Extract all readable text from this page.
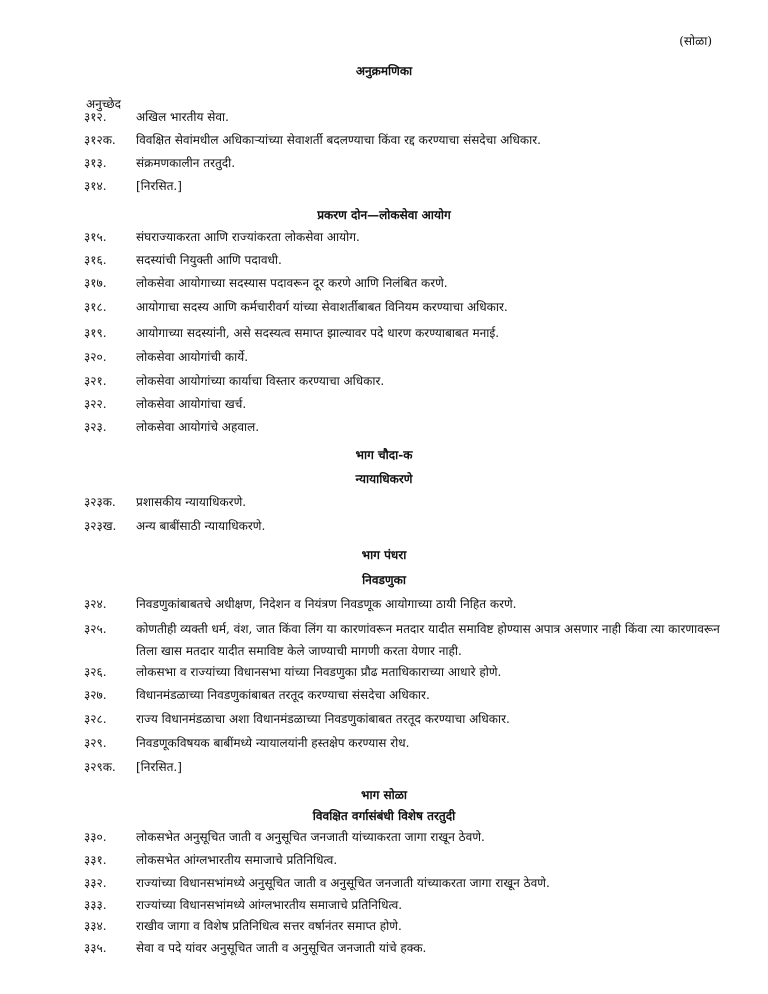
(सोळा)
अनुक्रमणिका
अनुच्छेद
३१२.	अखिल भारतीय सेवा.
३१२क.	विवक्षित सेवांमधील अधिकाऱ्यांच्या सेवाशर्ती बदलण्याचा किंवा रद्द करण्याचा संसदेचा अधिकार.
३१३.	संक्रमणकालीन तरतुदी.
३१४.	[निरसित.]
प्रकरण दोन—लोकसेवा आयोग
३१५.	संघराज्याकरता आणि राज्यांकरता लोकसेवा आयोग.
३१६.	सदस्यांची नियुक्ती आणि पदावधी.
३१७.	लोकसेवा आयोगाच्या सदस्यास पदावरून दूर करणे आणि निलंबित करणे.
३१८.	आयोगाचा सदस्य आणि कर्मचारीवर्ग यांच्या सेवाशर्तीबाबत विनियम करण्याचा अधिकार.
३१९.	आयोगाच्या सदस्यांनी, असे सदस्यत्व समाप्त झाल्यावर पदे धारण करण्याबाबत मनाई.
३२०.	लोकसेवा आयोगांची कार्ये.
३२१.	लोकसेवा आयोगांच्या कार्याचा विस्तार करण्याचा अधिकार.
३२२.	लोकसेवा आयोगांचा खर्च.
३२३.	लोकसेवा आयोगांचे अहवाल.
भाग चौदा-क
न्यायाधिकरणे
३२३क.	प्रशासकीय न्यायाधिकरणे.
३२३ख.	अन्य बाबींसाठी न्यायाधिकरणे.
भाग पंधरा
निवडणुका
३२४.	निवडणुकांबाबतचे अधीक्षण, निदेशन व नियंत्रण निवडणूक आयोगाच्या ठायी निहित करणे.
३२५.	कोणतीही व्यक्ती धर्म, वंश, जात किंवा लिंग या कारणांवरून मतदार यादीत समाविष्ट होण्यास अपात्र असणार नाही किंवा त्या कारणावरून तिला खास मतदार यादीत समाविष्ट केले जाण्याची मागणी करता येणार नाही.
३२६.	लोकसभा व राज्यांच्या विधानसभा यांच्या निवडणुका प्रौढ मताधिकाराच्या आधारे होणे.
३२७.	विधानमंडळाच्या निवडणुकांबाबत तरतूद करण्याचा संसदेचा अधिकार.
३२८.	राज्य विधानमंडळाचा अशा विधानमंडळाच्या निवडणुकांबाबत तरतूद करण्याचा अधिकार.
३२९.	निवडणूकविषयक बाबींमध्ये न्यायालयांनी हस्तक्षेप करण्यास रोध.
३२९क.	[निरसित.]
भाग सोळा
विवक्षित वर्गासंबंधी विशेष तरतुदी
३३०.	लोकसभेत अनुसूचित जाती व अनुसूचित जनजाती यांच्याकरता जागा राखून ठेवणे.
३३१.	लोकसभेत आंग्लभारतीय समाजाचे प्रतिनिधित्व.
३३२.	राज्यांच्या विधानसभांमध्ये अनुसूचित जाती व अनुसूचित जनजाती यांच्याकरता जागा राखून ठेवणे.
३३३.	राज्यांच्या विधानसभांमध्ये आंग्लभारतीय समाजाचे प्रतिनिधित्व.
३३४.	राखीव जागा व विशेष प्रतिनिधित्व सत्तर वर्षानंतर समाप्त होणे.
३३५.	सेवा व पदे यांवर अनुसूचित जाती व अनुसूचित जनजाती यांचे हक्क.
